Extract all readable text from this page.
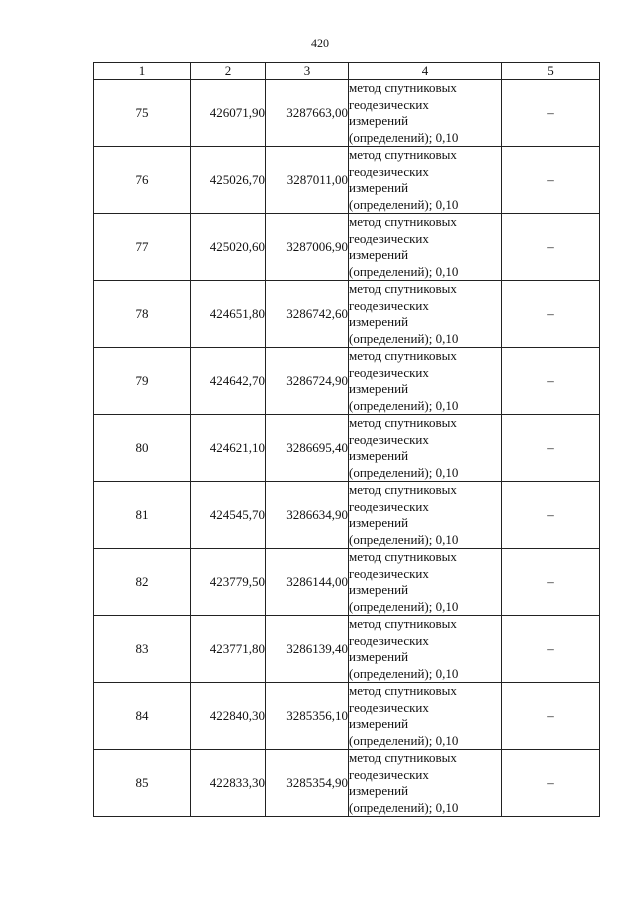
420
1	2	3	4	5
75	426071,90	3287663,00	метод спутниковых
геодезических
измерений
(определений); 0,10	–
76	425026,70	3287011,00	метод спутниковых
геодезических
измерений
(определений); 0,10	–
77	425020,60	3287006,90	метод спутниковых
геодезических
измерений
(определений); 0,10	–
78	424651,80	3286742,60	метод спутниковых
геодезических
измерений
(определений); 0,10	–
79	424642,70	3286724,90	метод спутниковых
геодезических
измерений
(определений); 0,10	–
80	424621,10	3286695,40	метод спутниковых
геодезических
измерений
(определений); 0,10	–
81	424545,70	3286634,90	метод спутниковых
геодезических
измерений
(определений); 0,10	–
82	423779,50	3286144,00	метод спутниковых
геодезических
измерений
(определений); 0,10	–
83	423771,80	3286139,40	метод спутниковых
геодезических
измерений
(определений); 0,10	–
84	422840,30	3285356,10	метод спутниковых
геодезических
измерений
(определений); 0,10	–
85	422833,30	3285354,90	метод спутниковых
геодезических
измерений
(определений); 0,10	–
